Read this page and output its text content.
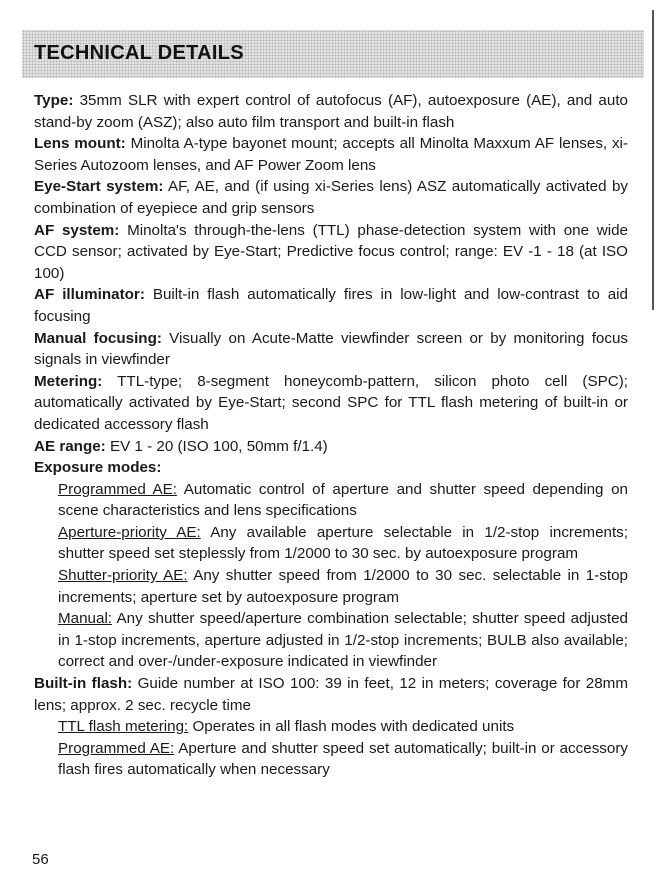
TECHNICAL DETAILS

Type: 35mm SLR with expert control of autofocus (AF), autoexposure (AE), and auto stand-by zoom (ASZ); also auto film transport and built-in flash

Lens mount: Minolta A-type bayonet mount; accepts all Minolta Maxxum AF lenses, xi-Series Autozoom lenses, and AF Power Zoom lens

Eye-Start system: AF, AE, and (if using xi-Series lens) ASZ automatically activated by combination of eyepiece and grip sensors

AF system: Minolta's through-the-lens (TTL) phase-detection system with one wide CCD sensor; activated by Eye-Start; Predictive focus control; range: EV -1 - 18 (at ISO 100)

AF illuminator: Built-in flash automatically fires in low-light and low-contrast to aid focusing

Manual focusing: Visually on Acute-Matte viewfinder screen or by monitoring focus signals in viewfinder

Metering: TTL-type; 8-segment honeycomb-pattern, silicon photo cell (SPC); automatically activated by Eye-Start; second SPC for TTL flash metering of built-in or dedicated accessory flash

AE range: EV 1 - 20 (ISO 100, 50mm f/1.4)

Exposure modes:

Programmed AE: Automatic control of aperture and shutter speed depending on scene characteristics and lens specifications

Aperture-priority AE: Any available aperture selectable in 1/2-stop increments; shutter speed set steplessly from 1/2000 to 30 sec. by autoexposure program

Shutter-priority AE: Any shutter speed from 1/2000 to 30 sec. selectable in 1-stop increments; aperture set by autoexposure program

Manual: Any shutter speed/aperture combination selectable; shutter speed adjusted in 1-stop increments, aperture adjusted in 1/2-stop increments; BULB also available; correct and over-/under-exposure indicated in viewfinder

Built-in flash: Guide number at ISO 100: 39 in feet, 12 in meters; coverage for 28mm lens; approx. 2 sec. recycle time

TTL flash metering: Operates in all flash modes with dedicated units

Programmed AE: Aperture and shutter speed set automatically; built-in or accessory flash fires automatically when necessary

56
